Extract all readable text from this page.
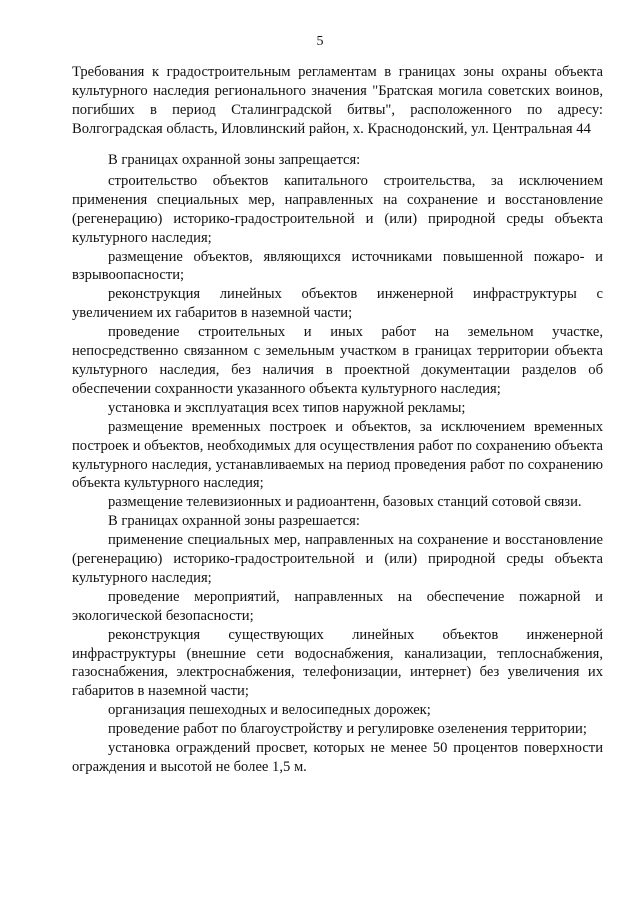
5
Требования к градостроительным регламентам в границах зоны охраны объекта культурного наследия регионального значения "Братская могила советских воинов, погибших в период Сталинградской битвы", расположенного по адресу: Волгоградская область, Иловлинский район, х. Краснодонский, ул. Центральная 44

В границах охранной зоны запрещается:

строительство объектов капитального строительства, за исключением применения специальных мер, направленных на сохранение и восстановление (регенерацию) историко-градостроительной и (или) природной среды объекта культурного наследия;

размещение объектов, являющихся источниками повышенной пожаро- и взрывоопасности;

реконструкция линейных объектов инженерной инфраструктуры с увеличением их габаритов в наземной части;

проведение строительных и иных работ на земельном участке, непосредственно связанном с земельным участком в границах территории объекта культурного наследия, без наличия в проектной документации разделов об обеспечении сохранности указанного объекта культурного наследия;

установка и эксплуатация всех типов наружной рекламы;

размещение временных построек и объектов, за исключением временных построек и объектов, необходимых для осуществления работ по сохранению объекта культурного наследия, устанавливаемых на период проведения работ по сохранению объекта культурного наследия;

размещение телевизионных и радиоантенн, базовых станций сотовой связи.

В границах охранной зоны разрешается:

применение специальных мер, направленных на сохранение и восстановление (регенерацию) историко-градостроительной и (или) природной среды объекта культурного наследия;

проведение мероприятий, направленных на обеспечение пожарной и экологической безопасности;

реконструкция существующих линейных объектов инженерной инфраструктуры (внешние сети водоснабжения, канализации, теплоснабжения, газоснабжения, электроснабжения, телефонизации, интернет) без увеличения их габаритов в наземной части;

организация пешеходных и велосипедных дорожек;

проведение работ по благоустройству и регулировке озеленения территории;

установка ограждений просвет, которых не менее 50 процентов поверхности ограждения и высотой не более 1,5 м.
